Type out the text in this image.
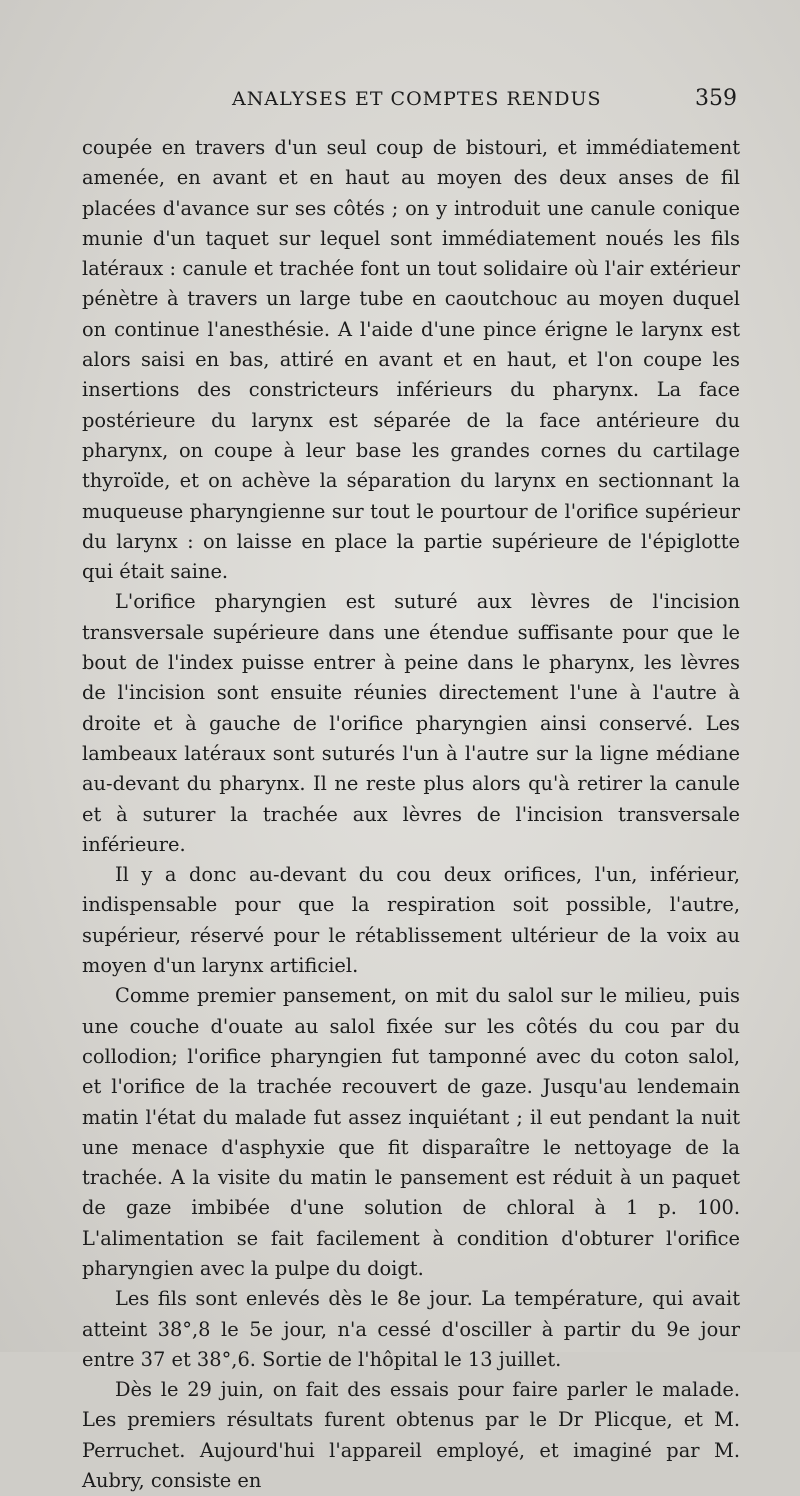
ANALYSES ET COMPTES RENDUS	359

coupée en travers d'un seul coup de bistouri, et immédiatement amenée, en avant et en haut au moyen des deux anses de fil placées d'avance sur ses côtés ; on y introduit une canule conique munie d'un taquet sur lequel sont immédiatement noués les fils latéraux : canule et trachée font un tout solidaire où l'air extérieur pénètre à travers un large tube en caoutchouc au moyen duquel on continue l'anesthésie. A l'aide d'une pince érigne le larynx est alors saisi en bas, attiré en avant et en haut, et l'on coupe les insertions des constricteurs inférieurs du pharynx. La face postérieure du larynx est séparée de la face antérieure du pharynx, on coupe à leur base les grandes cornes du cartilage thyroïde, et on achève la séparation du larynx en sectionnant la muqueuse pharyngienne sur tout le pourtour de l'orifice supérieur du larynx : on laisse en place la partie supérieure de l'épiglotte qui était saine.

L'orifice pharyngien est suturé aux lèvres de l'incision transversale supérieure dans une étendue suffisante pour que le bout de l'index puisse entrer à peine dans le pharynx, les lèvres de l'incision sont ensuite réunies directement l'une à l'autre à droite et à gauche de l'orifice pharyngien ainsi conservé. Les lambeaux latéraux sont suturés l'un à l'autre sur la ligne médiane au-devant du pharynx. Il ne reste plus alors qu'à retirer la canule et à suturer la trachée aux lèvres de l'incision transversale inférieure.

Il y a donc au-devant du cou deux orifices, l'un, inférieur, indispensable pour que la respiration soit possible, l'autre, supérieur, réservé pour le rétablissement ultérieur de la voix au moyen d'un larynx artificiel.

Comme premier pansement, on mit du salol sur le milieu, puis une couche d'ouate au salol fixée sur les côtés du cou par du collodion; l'orifice pharyngien fut tamponné avec du coton salol, et l'orifice de la trachée recouvert de gaze. Jusqu'au lendemain matin l'état du malade fut assez inquiétant ; il eut pendant la nuit une menace d'asphyxie que fit disparaître le nettoyage de la trachée. A la visite du matin le pansement est réduit à un paquet de gaze imbibée d'une solution de chloral à 1 p. 100. L'alimentation se fait facilement à condition d'obturer l'orifice pharyngien avec la pulpe du doigt.

Les fils sont enlevés dès le 8e jour. La température, qui avait atteint 38°,8 le 5e jour, n'a cessé d'osciller à partir du 9e jour entre 37 et 38°,6. Sortie de l'hôpital le 13 juillet.

Dès le 29 juin, on fait des essais pour faire parler le malade. Les premiers résultats furent obtenus par le Dr Plicque, et M. Perruchet. Aujourd'hui l'appareil employé, et imaginé par M. Aubry, consiste en
